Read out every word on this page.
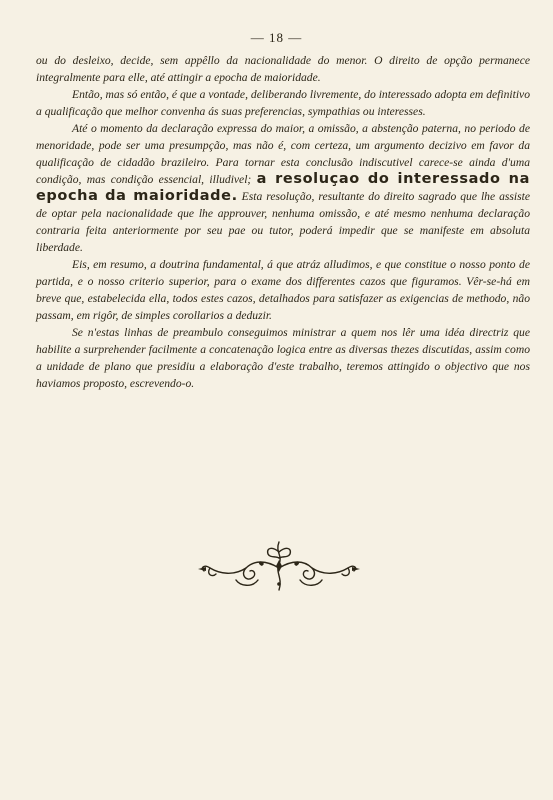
— 18 —

ou do desleixo, decide, sem appêllo da nacionalidade do menor. O direito de opção permanece integralmente para elle, até attingir a epocha de maioridade.

Então, mas só então, é que a vontade, deliberando livremente, do interessado adopta em definitivo a qualificação que melhor convenha ás suas preferencias, sympathias ou interesses.

Até o momento da declaração expressa do maior, a omissão, a abstenção paterna, no periodo de menoridade, pode ser uma presumpção, mas não é, com certeza, um argumento decizivo em favor da qualificação de cidadão brazileiro. Para tornar esta conclusão indiscutivel carece-se ainda d'uma condição, mas condição essencial, illudivel; a resoluçao do interessado na epocha da maioridade. Esta resolução, resultante do direito sagrado que lhe assiste de optar pela nacionalidade que lhe approuver, nenhuma omissão, e até mesmo nenhuma declaração contraria feita anteriormente por seu pae ou tutor, poderá impedir que se manifeste em absoluta liberdade.

Eis, em resumo, a doutrina fundamental, á que atráz alludimos, e que constitue o nosso ponto de partida, e o nosso criterio superior, para o exame dos differentes cazos que figuramos. Vêr-se-há em breve que, estabelecida ella, todos estes cazos, detalhados para satisfazer as exigencias de methodo, não passam, em rigôr, de simples corollarios a deduzir.

Se n'estas linhas de preambulo conseguimos ministrar a quem nos lêr uma idéa directriz que habilite a surprehender facilmente a concatenação logica entre as diversas thezes discutidas, assim como a unidade de plano que presidiu a elaboração d'este trabalho, teremos attingido o objectivo que nos haviamos proposto, escrevendo-o.
